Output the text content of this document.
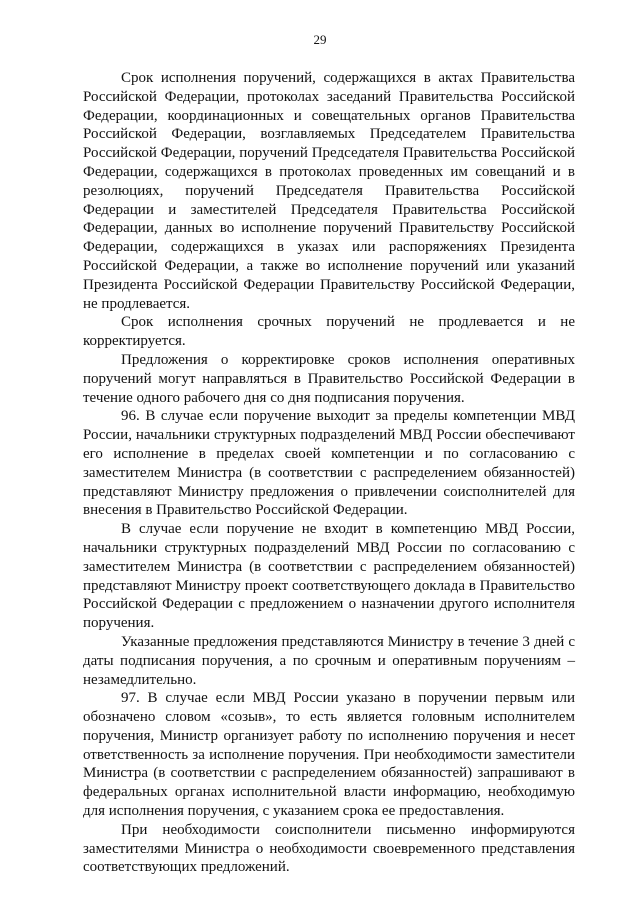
29

Срок исполнения поручений, содержащихся в актах Правительства Российской Федерации, протоколах заседаний Правительства Российской Федерации, координационных и совещательных органов Правительства Российской Федерации, возглавляемых Председателем Правительства Российской Федерации, поручений Председателя Правительства Российской Федерации, содержащихся в протоколах проведенных им совещаний и в резолюциях, поручений Председателя Правительства Российской Федерации и заместителей Председателя Правительства Российской Федерации, данных во исполнение поручений Правительству Российской Федерации, содержащихся в указах или распоряжениях Президента Российской Федерации, а также во исполнение поручений или указаний Президента Российской Федерации Правительству Российской Федерации, не продлевается.

Срок исполнения срочных поручений не продлевается и не корректируется.

Предложения о корректировке сроков исполнения оперативных поручений могут направляться в Правительство Российской Федерации в течение одного рабочего дня со дня подписания поручения.

96. В случае если поручение выходит за пределы компетенции МВД России, начальники структурных подразделений МВД России обеспечивают его исполнение в пределах своей компетенции и по согласованию с заместителем Министра (в соответствии с распределением обязанностей) представляют Министру предложения о привлечении соисполнителей для внесения в Правительство Российской Федерации.

В случае если поручение не входит в компетенцию МВД России, начальники структурных подразделений МВД России по согласованию с заместителем Министра (в соответствии с распределением обязанностей) представляют Министру проект соответствующего доклада в Правительство Российской Федерации с предложением о назначении другого исполнителя поручения.

Указанные предложения представляются Министру в течение 3 дней с даты подписания поручения, а по срочным и оперативным поручениям – незамедлительно.

97. В случае если МВД России указано в поручении первым или обозначено словом «созыв», то есть является головным исполнителем поручения, Министр организует работу по исполнению поручения и несет ответственность за исполнение поручения. При необходимости заместители Министра (в соответствии с распределением обязанностей) запрашивают в федеральных органах исполнительной власти информацию, необходимую для исполнения поручения, с указанием срока ее предоставления.

При необходимости соисполнители письменно информируются заместителями Министра о необходимости своевременного представления соответствующих предложений.
